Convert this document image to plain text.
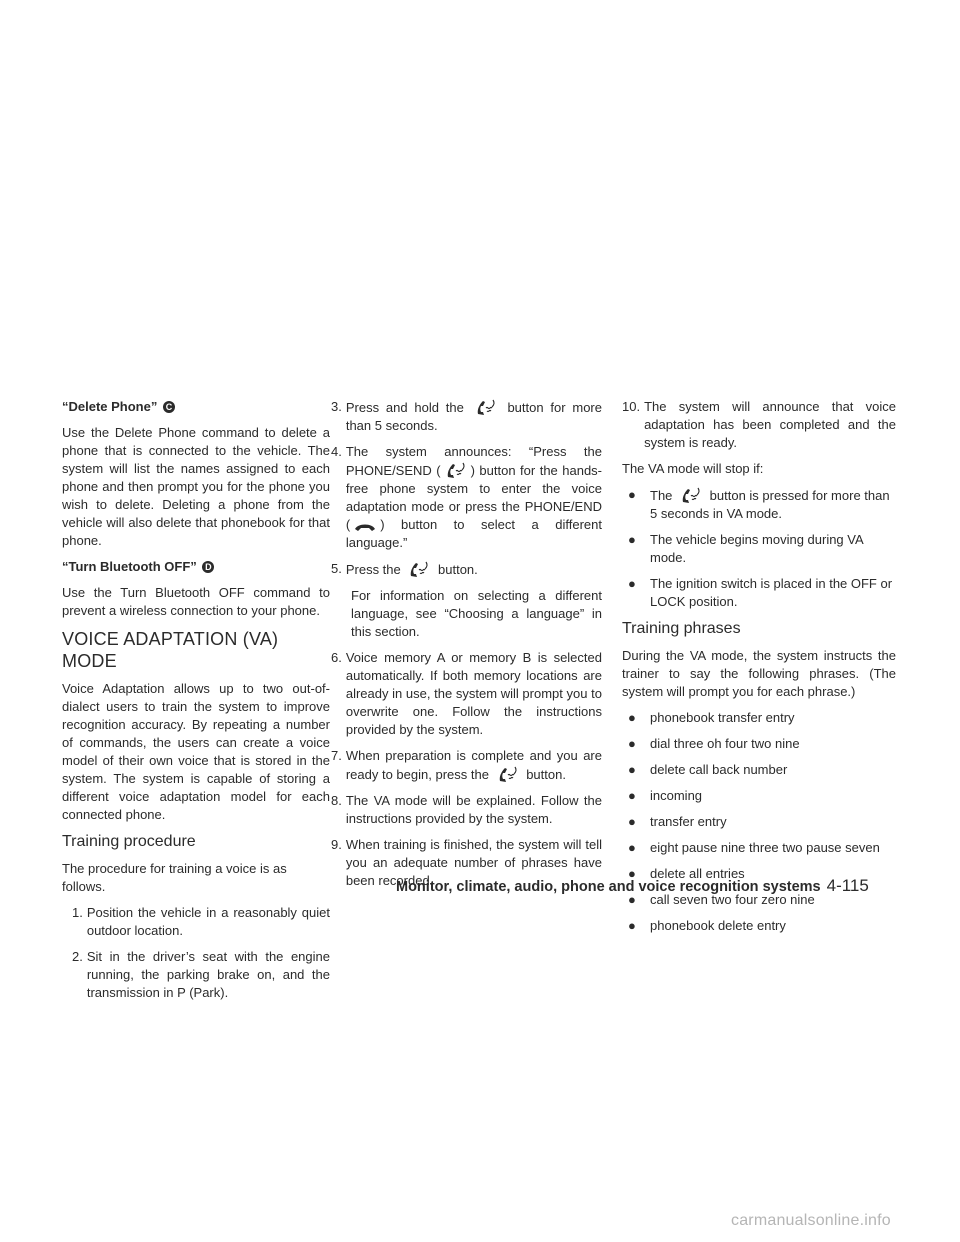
“Delete Phone” C

Use the Delete Phone command to delete a phone that is connected to the vehicle. The system will list the names assigned to each phone and then prompt you for the phone you wish to delete. Deleting a phone from the vehicle will also delete that phonebook for that phone.

“Turn Bluetooth OFF” D

Use the Turn Bluetooth OFF command to prevent a wireless connection to your phone.

VOICE ADAPTATION (VA) MODE

Voice Adaptation allows up to two out-of-dialect users to train the system to improve recognition accuracy. By repeating a number of commands, the users can create a voice model of their own voice that is stored in the system. The system is capable of storing a different voice adaptation model for each connected phone.

Training procedure

The procedure for training a voice is as follows.

1. Position the vehicle in a reasonably quiet outdoor location.
2. Sit in the driver’s seat with the engine running, the parking brake on, and the transmission in P (Park).
3. Press and hold the	button for more than 5 seconds.
4. The system announces: “Press the PHONE/SEND ( ) button for the hands-free phone system to enter the voice adaptation mode or press the PHONE/END ( ) button to select a different language.”
5. Press the	button.

For information on selecting a different language, see “Choosing a language” in this section.

6. Voice memory A or memory B is selected automatically. If both memory locations are already in use, the system will prompt you to overwrite one. Follow the instructions provided by the system.
7. When preparation is complete and you are ready to begin, press the	button.
8. The VA mode will be explained. Follow the instructions provided by the system.
9. When training is finished, the system will tell you an adequate number of phrases have been recorded.
10. The system will announce that voice adaptation has been completed and the system is ready.

The VA mode will stop if:

●	The	button is pressed for more than 5 seconds in VA mode.
●	The vehicle begins moving during VA mode.
●	The ignition switch is placed in the OFF or LOCK position.
Training phrases

During the VA mode, the system instructs the trainer to say the following phrases. (The system will prompt you for each phrase.)

●	phonebook transfer entry
●	dial three oh four two nine
●	delete call back number
●	incoming
●	transfer entry
●	eight pause nine three two pause seven
●	delete all entries
●	call seven two four zero nine
●	phonebook delete entry
Monitor, climate, audio, phone and voice recognition systems 4-115
carmanualsonline.info
